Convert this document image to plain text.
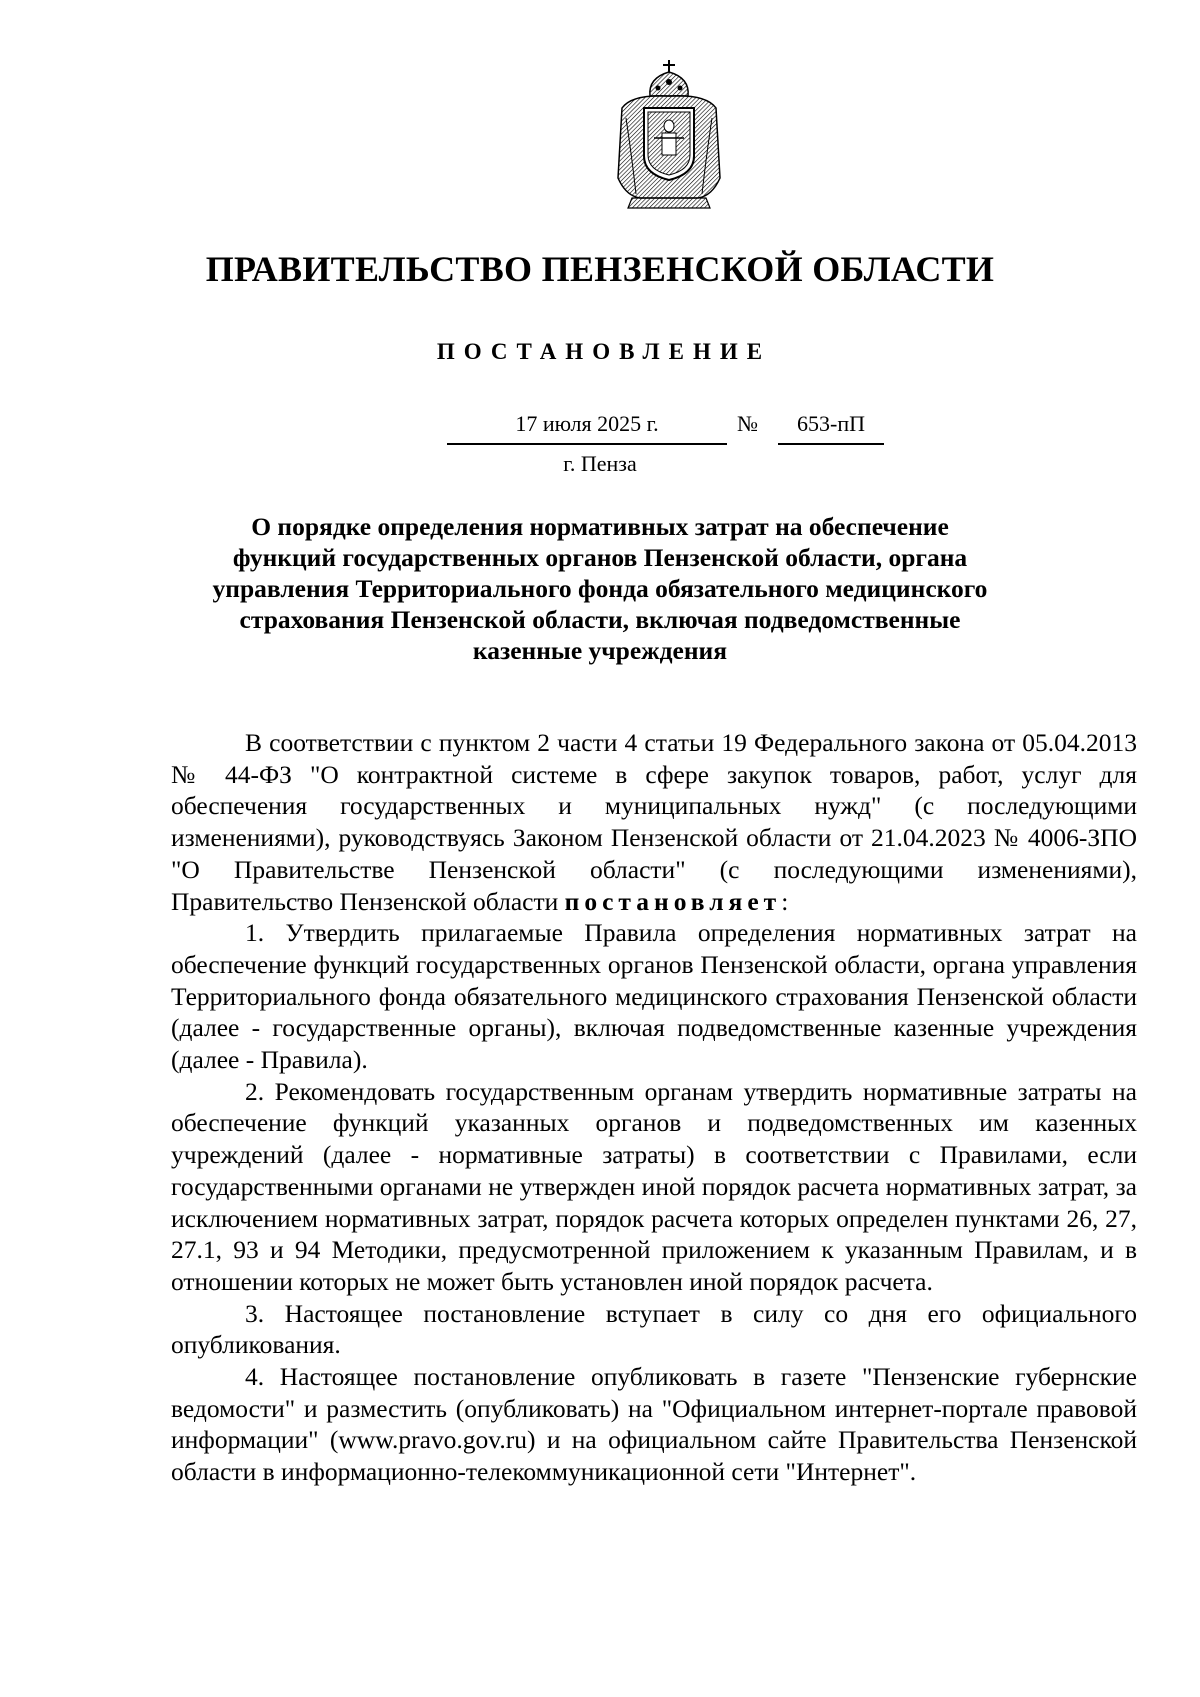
ПРАВИТЕЛЬСТВО ПЕНЗЕНСКОЙ ОБЛАСТИ
ПОСТАНОВЛЕНИЕ
17 июля 2025 г.	№	653-пП
г. Пенза
О порядке определения нормативных затрат на обеспечение
функций государственных органов Пензенской области, органа
управления Территориального фонда обязательного медицинского
страхования Пензенской области, включая подведомственные
казенные учреждения

В соответствии с пунктом 2 части 4 статьи 19 Федерального закона от 05.04.2013 № 44-ФЗ "О контрактной системе в сфере закупок товаров, работ, услуг для обеспечения государственных и муниципальных нужд" (с последующими изменениями), руководствуясь Законом Пензенской области от 21.04.2023 № 4006-ЗПО "О Правительстве Пензенской области" (с последующими изменениями), Правительство Пензенской области постановляет:

1. Утвердить прилагаемые Правила определения нормативных затрат на обеспечение функций государственных органов Пензенской области, органа управления Территориального фонда обязательного медицинского страхования Пензенской области (далее - государственные органы), включая подведомственные казенные учреждения (далее - Правила).

2. Рекомендовать государственным органам утвердить нормативные затраты на обеспечение функций указанных органов и подведомственных им казенных учреждений (далее - нормативные затраты) в соответствии с Правилами, если государственными органами не утвержден иной порядок расчета нормативных затрат, за исключением нормативных затрат, порядок расчета которых определен пунктами 26, 27, 27.1, 93 и 94 Методики, предусмотренной приложением к указанным Правилам, и в отношении которых не может быть установлен иной порядок расчета.

3. Настоящее постановление вступает в силу со дня его официального опубликования.

4. Настоящее постановление опубликовать в газете "Пензенские губернские ведомости" и разместить (опубликовать) на "Официальном интернет-портале правовой информации" (www.pravo.gov.ru) и на официальном сайте Правительства Пензенской области в информационно-телекоммуникационной сети "Интернет".
